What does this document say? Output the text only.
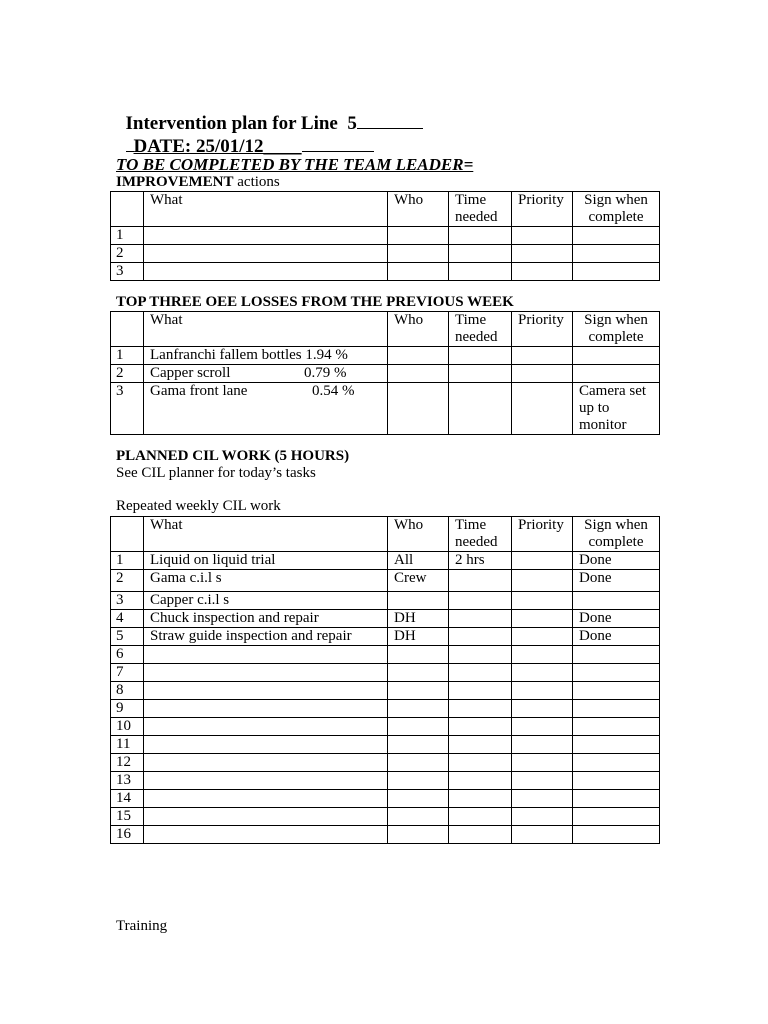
Intervention plan for Line  5

DATE: 25/01/12____

TO BE COMPLETED BY THE TEAM LEADER=
IMPROVEMENT actions
	What	Who	Time needed	Priority	Sign when complete
1					
2					
3					
TOP THREE OEE LOSSES FROM THE PREVIOUS WEEK
	What	Who	Time needed	Priority	Sign when complete
1	Lanfranchi fallem bottles 1.94 %				
2	Capper scroll 0.79 %				

3	Gama front lane 0.54 %				Camera set up to monitor
PLANNED CIL WORK (5 HOURS)
See CIL planner for today’s tasks
Repeated weekly CIL work
	What	Who	Time needed	Priority	Sign when complete
1	Liquid on liquid trial	All	2 hrs		Done
2	Gama c.i.l s	Crew			Done
3	Capper c.i.l s				
4	Chuck inspection and repair	DH			Done
5	Straw guide inspection and repair	DH			Done
6					
7					
8					
9					
10					
11					
12					
13					
14					
15					
16					
Training
